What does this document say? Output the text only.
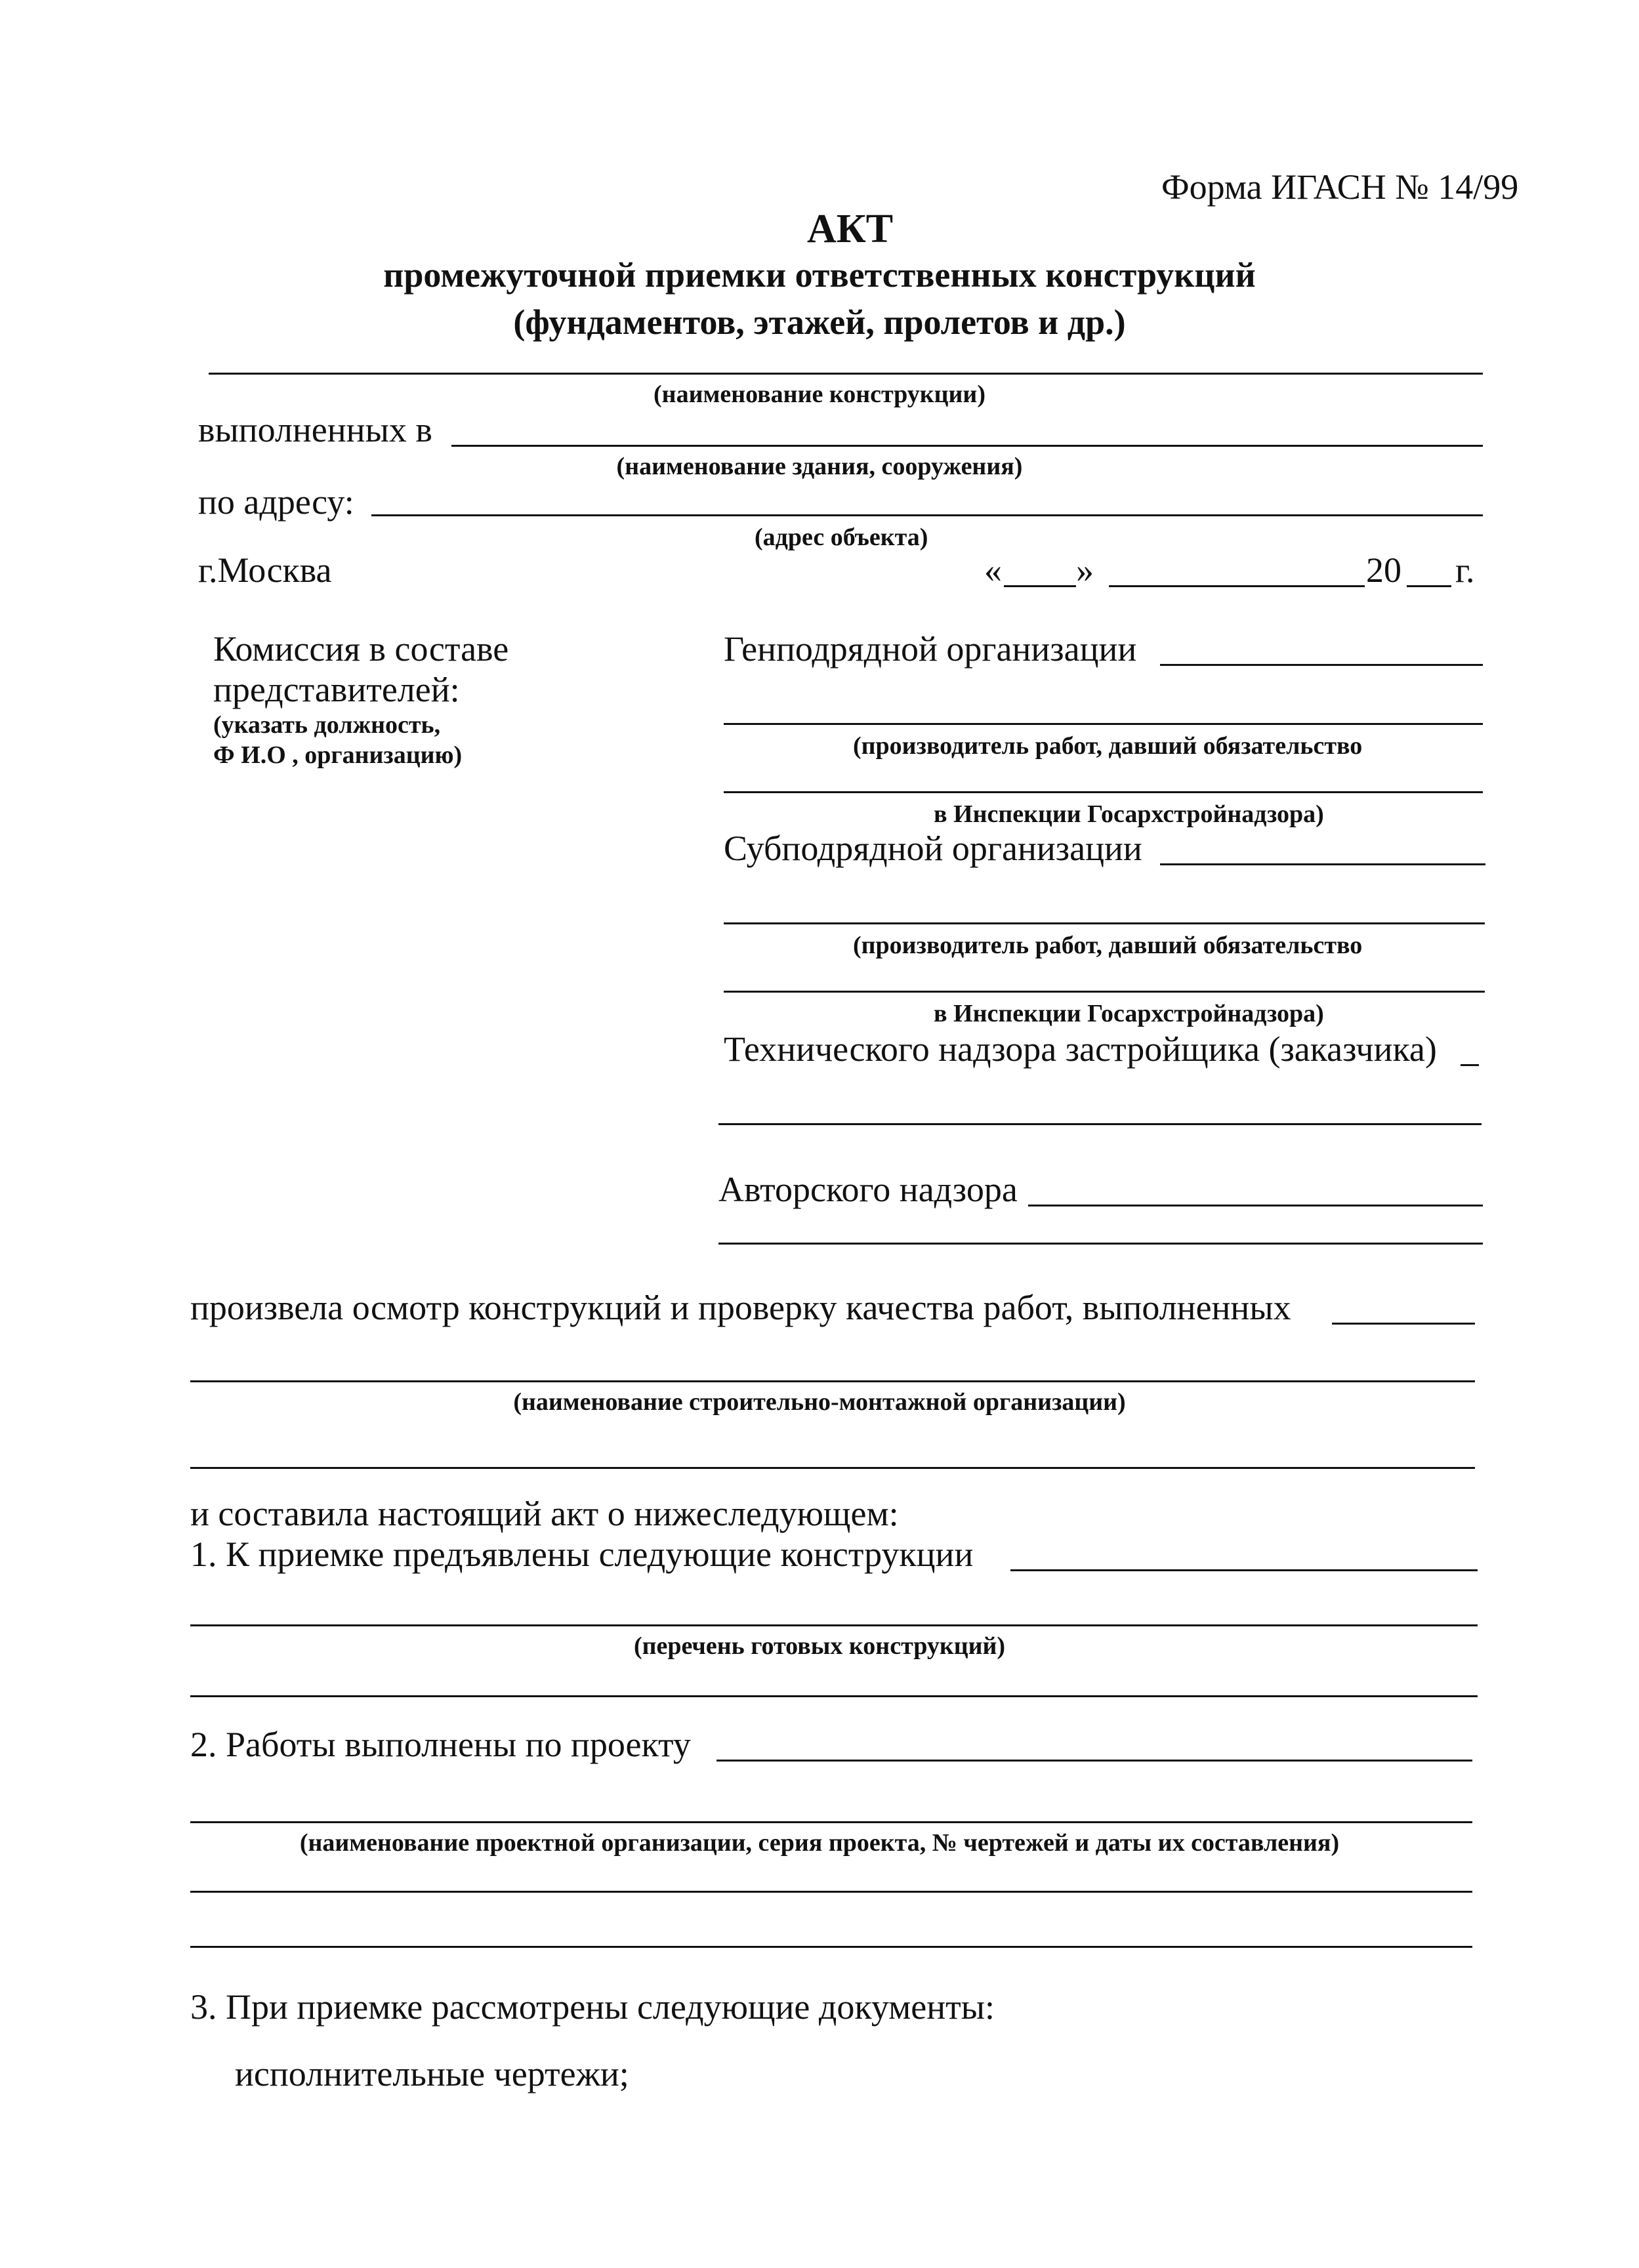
Форма ИГАСН № 14/99
АКТ
промежуточной приемки ответственных конструкций
(фундаментов, этажей, пролетов и др.)
(наименование конструкции)
выполненных в
(наименование здания, сооружения)
по адресу:
(адрес объекта)
г.Москва	« »	20 г.
Комиссия в составе
представителей:
(указать должность,
Ф И.О , организацию)
Генподрядной организации
(производитель работ, давший обязательство
в Инспекции Госархстройнадзора)
Субподрядной организации
(производитель работ, давший обязательство
в Инспекции Госархстройнадзора)
Технического надзора застройщика (заказчика)
Авторского надзора
произвела осмотр конструкций и проверку качества работ, выполненных
(наименование строительно-монтажной организации)
и составила настоящий акт о нижеследующем:
1. К приемке предъявлены следующие конструкции
(перечень готовых конструкций)
2. Работы выполнены по проекту
(наименование проектной организации, серия проекта, № чертежей и даты их составления)
3. При приемке рассмотрены следующие документы:
исполнительные чертежи;
